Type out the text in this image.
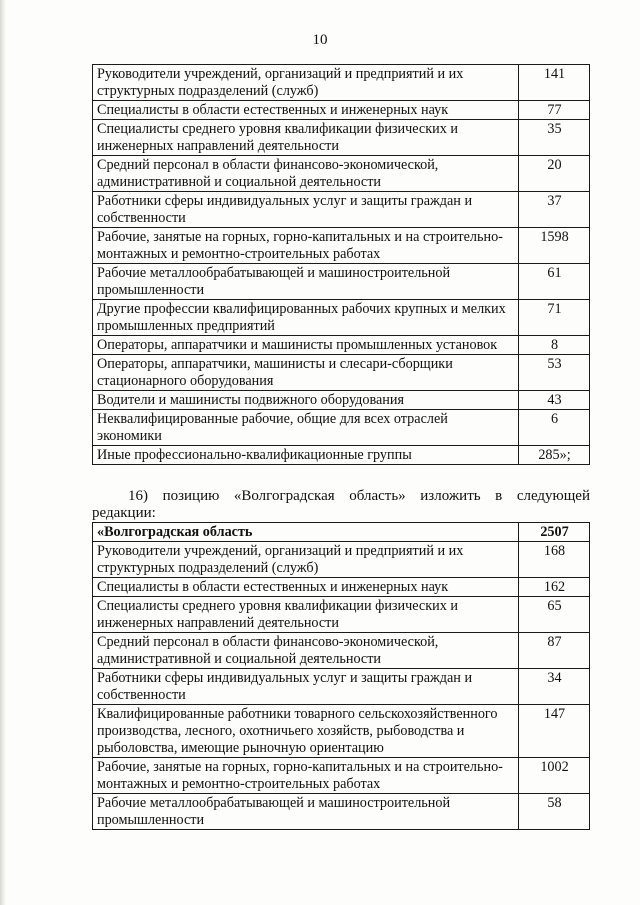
10
Руководители учреждений, организаций и предприятий и их структурных подразделений (служб)	141
Специалисты в области естественных и инженерных наук	77
Специалисты среднего уровня квалификации физических и инженерных направлений деятельности	35
Средний персонал в области финансово-экономической, административной и социальной деятельности	20
Работники сферы индивидуальных услуг и защиты граждан и собственности	37
Рабочие, занятые на горных, горно-капитальных и на строительно-монтажных и ремонтно-строительных работах	1598
Рабочие металлообрабатывающей и машиностроительной промышленности	61
Другие профессии квалифицированных рабочих крупных и мелких промышленных предприятий	71
Операторы, аппаратчики и машинисты промышленных установок	8
Операторы, аппаратчики, машинисты и слесари-сборщики стационарного оборудования	53
Водители и машинисты подвижного оборудования	43
Неквалифицированные рабочие, общие для всех отраслей экономики	6
Иные профессионально-квалификационные группы	285»;
16) позицию «Волгоградская область» изложить в следующей
редакции:
«Волгоградская область	2507
Руководители учреждений, организаций и предприятий и их структурных подразделений (служб)	168
Специалисты в области естественных и инженерных наук	162
Специалисты среднего уровня квалификации физических и инженерных направлений деятельности	65
Средний персонал в области финансово-экономической, административной и социальной деятельности	87
Работники сферы индивидуальных услуг и защиты граждан и собственности	34
Квалифицированные работники товарного сельскохозяйственного производства, лесного, охотничьего хозяйств, рыбоводства и рыболовства, имеющие рыночную ориентацию	147
Рабочие, занятые на горных, горно-капитальных и на строительно-монтажных и ремонтно-строительных работах	1002
Рабочие металлообрабатывающей и машиностроительной промышленности	58
